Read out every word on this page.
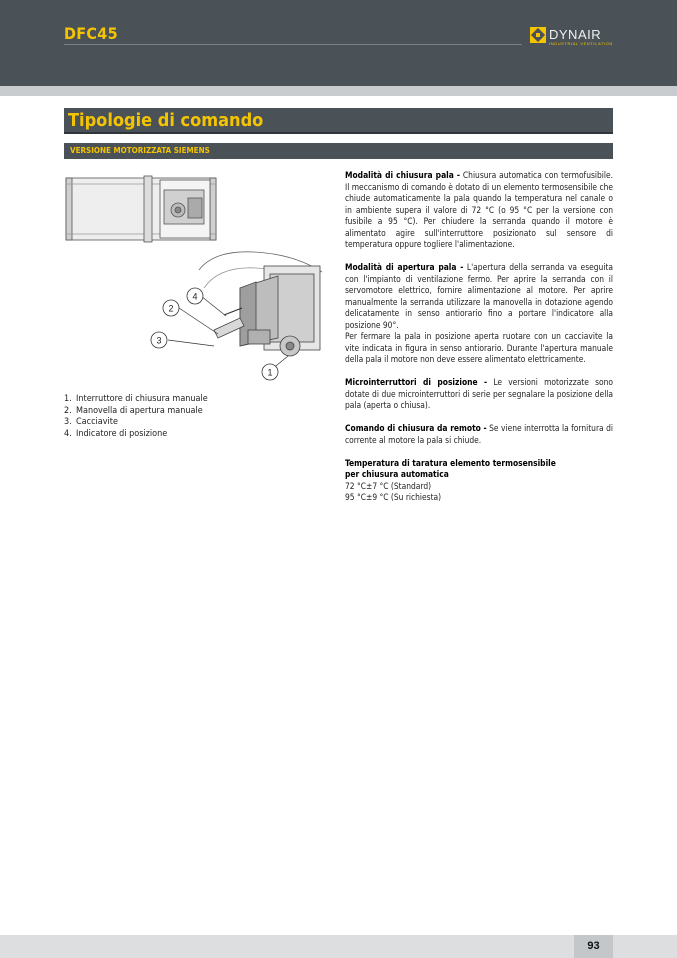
DFC45	DYNAIR
INDUSTRIAL VENTILATION
Tipologie di comando
VERSIONE MOTORIZZATA SIEMENS
2
4
3
1
1. Interruttore di chiusura manuale
2. Manovella di apertura manuale
3. Cacciavite
4. Indicatore di posizione

Modalità di chiusura pala - Chiusura automatica con termofusibile. Il meccanismo di comando è dotato di un elemento termosensibile che chiude automaticamente la pala quando la temperatura nel canale o in ambiente supera il valore di 72 °C (o 95 °C per la versione con fusibile a 95 °C). Per chiudere la serranda quando il motore è alimentato agire sull'interruttore posizionato sul sensore di temperatura oppure togliere l'alimentazione.

Modalità di apertura pala - L'apertura della serranda va eseguita con l'impianto di ventilazione fermo. Per aprire la serranda con il servomotore elettrico, fornire alimentazione al motore. Per aprire manualmente la serranda utilizzare la manovella in dotazione agendo delicatamente in senso antiorario fino a portare l'indicatore alla posizione 90°.

Per fermare la pala in posizione aperta ruotare con un cacciavite la vite indicata in figura in senso antiorario. Durante l'apertura manuale della pala il motore non deve essere alimentato elettricamente.

Microinterruttori di posizione - Le versioni motorizzate sono dotate di due microinterruttori di serie per segnalare la posizione della pala (aperta o chiusa).

Comando di chiusura da remoto - Se viene interrotta la fornitura di corrente al motore la pala si chiude.

Temperatura di taratura elemento termosensibile
per chiusura automatica
72 °C±7 °C (Standard)
95 °C±9 °C (Su richiesta)
93
